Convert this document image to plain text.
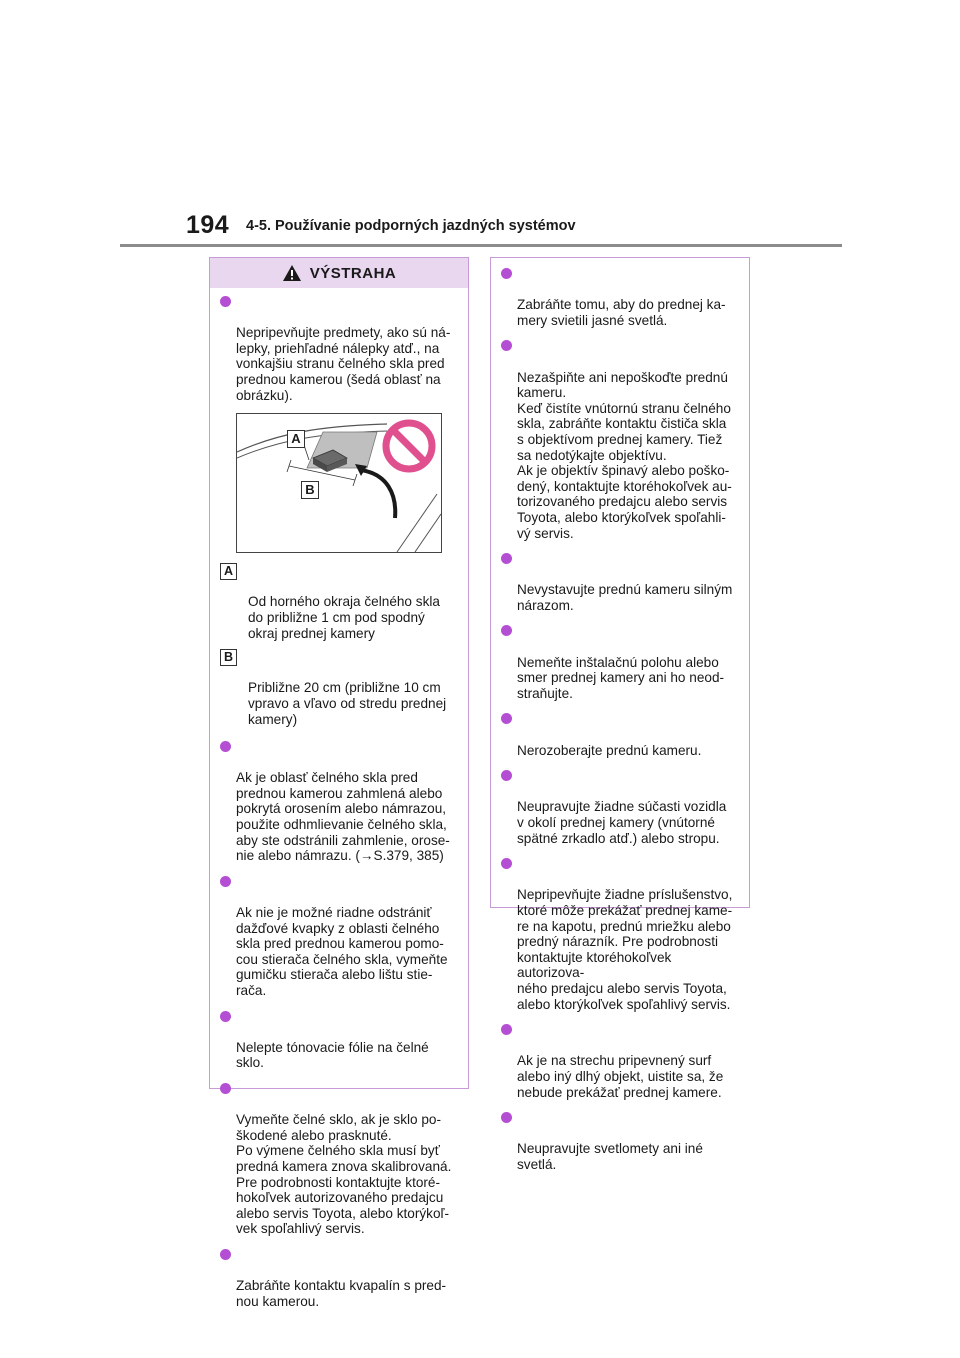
194 4-5. Používanie podporných jazdných systémov
VÝSTRAHA

Nepripevňujte predmety, ako sú ná-
lepky, priehľadné nálepky atď., na
vonkajšiu stranu čelného skla pred
prednou kamerou (šedá oblasť na
obrázku).

A
B

A

Od horného okraja čelného skla
do približne 1 cm pod spodný
okraj prednej kamery

B

Približne 20 cm (približne 10 cm
vpravo a vľavo od stredu prednej
kamery)

Ak je oblasť čelného skla pred
prednou kamerou zahmlená alebo
pokrytá orosením alebo námrazou,
použite odhmlievanie čelného skla,
aby ste odstránili zahmlenie, orose-
nie alebo námrazu. (→S.379, 385)

Ak nie je možné riadne odstrániť
dažďové kvapky z oblasti čelného
skla pred prednou kamerou pomo-
cou stierača čelného skla, vymeňte
gumičku stierača alebo lištu stie-
rača.

Nelepte tónovacie fólie na čelné
sklo.

Vymeňte čelné sklo, ak je sklo po-
škodené alebo prasknuté.
Po výmene čelného skla musí byť
predná kamera znova skalibrovaná.
Pre podrobnosti kontaktujte ktoré-
hokoľvek autorizovaného predajcu
alebo servis Toyota, alebo ktorýkoľ-
vek spoľahlivý servis.

Zabráňte kontaktu kvapalín s pred-
nou kamerou.

Zabráňte tomu, aby do prednej ka-
mery svietili jasné svetlá.

Nezašpiňte ani nepoškoďte prednú
kameru.
Keď čistíte vnútornú stranu čelného
skla, zabráňte kontaktu čističa skla
s objektívom prednej kamery. Tiež
sa nedotýkajte objektívu.
Ak je objektív špinavý alebo poško-
dený, kontaktujte ktoréhokoľvek au-
torizovaného predajcu alebo servis
Toyota, alebo ktorýkoľvek spoľahli-
vý servis.

Nevystavujte prednú kameru silným
nárazom.

Nemeňte inštalačnú polohu alebo
smer prednej kamery ani ho neod-
straňujte.

Nerozoberajte prednú kameru.

Neupravujte žiadne súčasti vozidla
v okolí prednej kamery (vnútorné
spätné zrkadlo atď.) alebo stropu.

Nepripevňujte žiadne príslušenstvo,
ktoré môže prekážať prednej kame-
re na kapotu, prednú mriežku alebo
predný nárazník. Pre podrobnosti
kontaktujte ktoréhokoľvek autorizova-
ného predajcu alebo servis Toyota,
alebo ktorýkoľvek spoľahlivý servis.

Ak je na strechu pripevnený surf
alebo iný dlhý objekt, uistite sa, že
nebude prekážať prednej kamere.

Neupravujte svetlomety ani iné
svetlá.
